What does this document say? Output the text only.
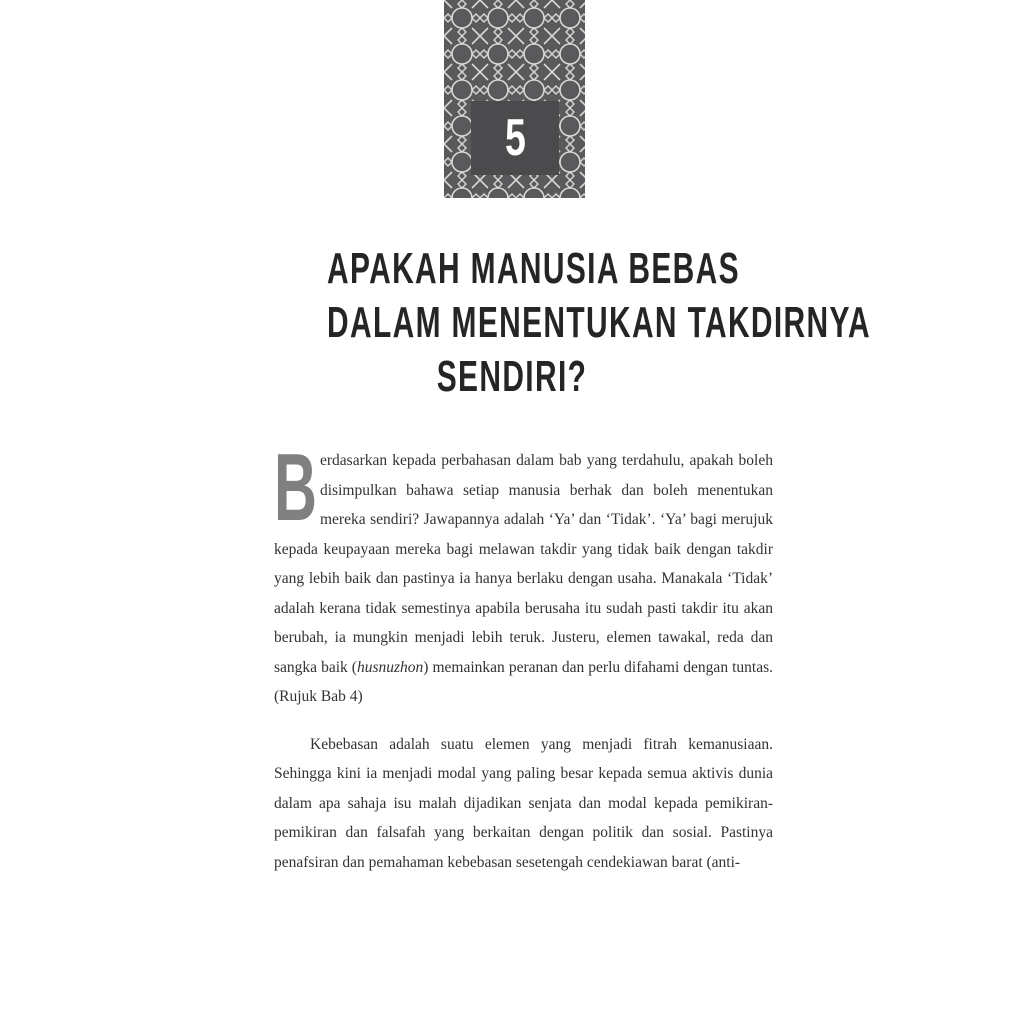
5
APAKAH MANUSIA BEBAS
DALAM MENENTUKAN TAKDIRNYA
SENDIRI?

Berdasarkan kepada perbahasan dalam bab yang terdahulu, apakah boleh disimpulkan bahawa setiap manusia berhak dan boleh menentukan mereka sendiri? Jawapannya adalah ‘Ya’ dan ‘Tidak’. ‘Ya’ bagi merujuk kepada keupayaan mereka bagi melawan takdir yang tidak baik dengan takdir yang lebih baik dan pastinya ia hanya berlaku dengan usaha. Manakala ‘Tidak’ adalah kerana tidak semestinya apabila berusaha itu sudah pasti takdir itu akan berubah, ia mungkin menjadi lebih teruk. Justeru, elemen tawakal, reda dan sangka baik (husnuzhon) memainkan peranan dan perlu difahami dengan tuntas. (Rujuk Bab 4)

Kebebasan adalah suatu elemen yang menjadi fitrah kemanusiaan. Sehingga kini ia menjadi modal yang paling besar kepada semua aktivis dunia dalam apa sahaja isu malah dijadikan senjata dan modal kepada pemikiran-pemikiran dan falsafah yang berkaitan dengan politik dan sosial. Pastinya penafsiran dan pemahaman kebebasan sesetengah cendekiawan barat (anti-
